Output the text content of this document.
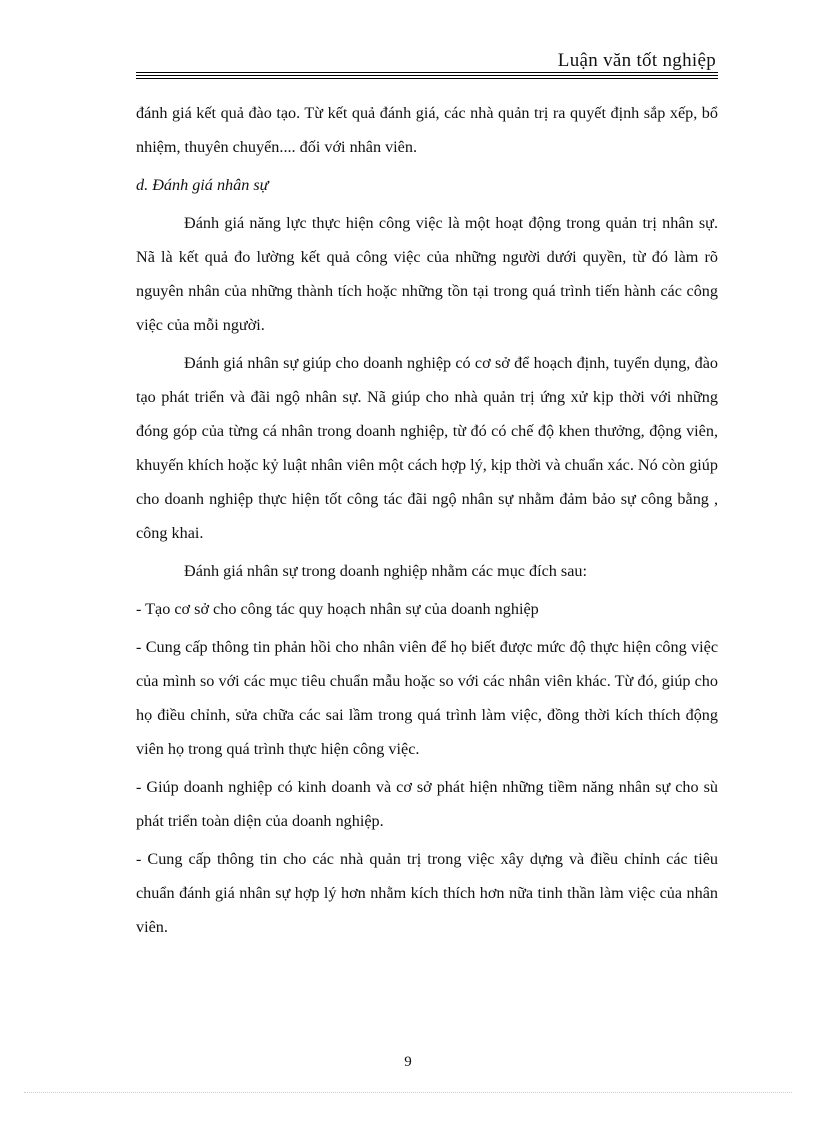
Luận văn tốt nghiệp

đánh giá kết quả đào tạo. Từ kết quả đánh giá, các nhà quản trị ra quyết định sắp xếp, bổ nhiệm, thuyên chuyển.... đối với nhân viên.

d. Đánh giá nhân sự

Đánh giá năng lực thực hiện công việc là một hoạt động trong quản trị nhân sự. Nã là kết quả đo lường kết quả công việc của những người dưới quyền, từ đó làm rõ nguyên nhân của những thành tích hoặc những tồn tại trong quá trình tiến hành các công việc của mỗi người.

Đánh giá nhân sự giúp cho doanh nghiệp có cơ sở để hoạch định, tuyển dụng, đào tạo phát triển và đãi ngộ nhân sự. Nã giúp cho nhà quản trị ứng xử kịp thời với những đóng góp của từng cá nhân trong doanh nghiệp, từ đó có chế độ khen thưởng, động viên, khuyến khích hoặc kỷ luật nhân viên một cách hợp lý, kịp thời và chuẩn xác. Nó còn giúp cho doanh nghiệp thực hiện tốt công tác đãi ngộ nhân sự nhằm đảm bảo sự công bằng , công khai.

Đánh giá nhân sự trong doanh nghiệp nhằm các mục đích sau:

- Tạo cơ sở cho công tác quy hoạch nhân sự của doanh nghiệp

- Cung cấp thông tin phản hồi cho nhân viên để họ biết được mức độ thực hiện công việc của mình so với các mục tiêu chuẩn mẫu hoặc so với các nhân viên khác. Từ đó, giúp cho họ điều chỉnh, sửa chữa các sai lầm trong quá trình làm việc, đồng thời kích thích động viên họ trong quá trình thực hiện công việc.

- Giúp doanh nghiệp có kinh doanh và cơ sở phát hiện những tiềm năng nhân sự cho sù phát triển toàn diện của doanh nghiệp.

- Cung cấp thông tin cho các nhà quản trị trong việc xây dựng và điều chỉnh các tiêu chuẩn đánh giá nhân sự hợp lý hơn nhằm kích thích hơn nữa tinh thần làm việc của nhân viên.

9
